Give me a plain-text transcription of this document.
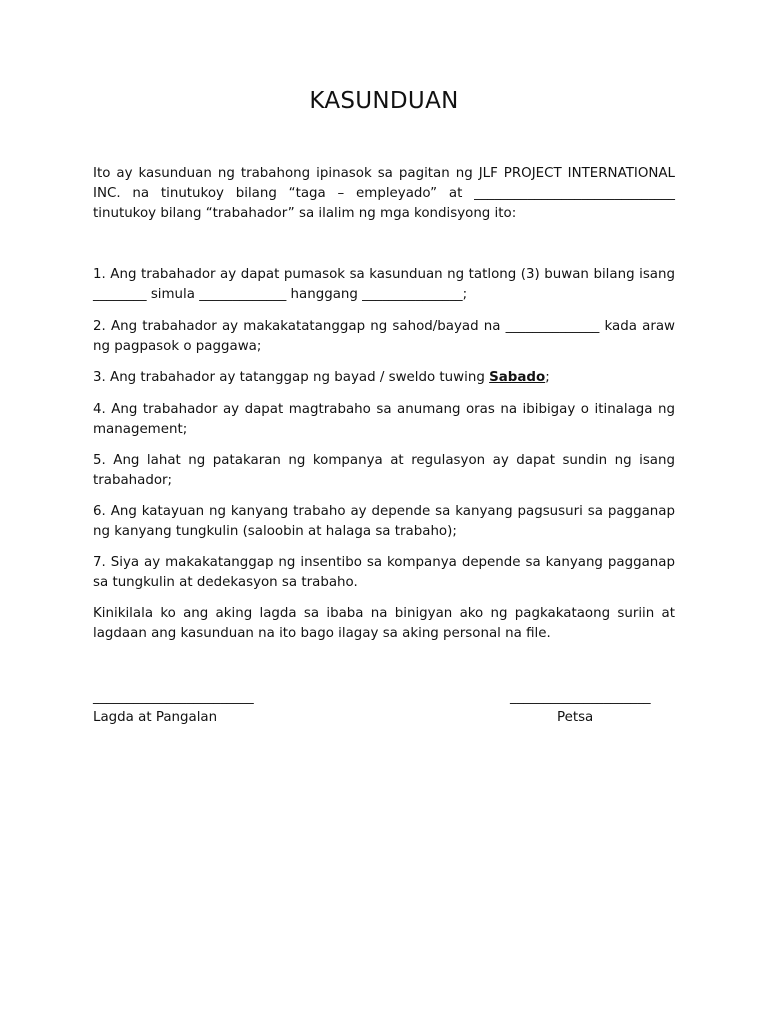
KASUNDUAN

Ito ay kasunduan ng trabahong ipinasok sa pagitan ng JLF PROJECT INTERNATIONAL INC. na tinutukoy bilang “taga – empleyado” at ______________________________ tinutukoy bilang “trabahador” sa ilalim ng mga kondisyong ito:

1. Ang trabahador ay dapat pumasok sa kasunduan ng tatlong (3) buwan bilang isang ________ simula _____________ hanggang _______________;

2. Ang trabahador ay makakatatanggap ng sahod/bayad na ______________ kada araw ng pagpasok o paggawa;

3. Ang trabahador ay tatanggap ng bayad / sweldo tuwing Sabado;

4. Ang trabahador ay dapat magtrabaho sa anumang oras na ibibigay o itinalaga ng management;

5. Ang lahat ng patakaran ng kompanya at regulasyon ay dapat sundin ng isang trabahador;

6. Ang katayuan ng kanyang trabaho ay depende sa kanyang pagsusuri sa pagganap ng kanyang tungkulin (saloobin at halaga sa trabaho);

7. Siya ay makakatanggap ng insentibo sa kompanya depende sa kanyang pagganap sa tungkulin at dedekasyon sa trabaho.

Kinikilala ko ang aking lagda sa ibaba na binigyan ako ng pagkakataong suriin at lagdaan ang kasunduan na ito bago ilagay sa aking personal na file.

________________________
Lagda at Pangalan
_____________________
Petsa
